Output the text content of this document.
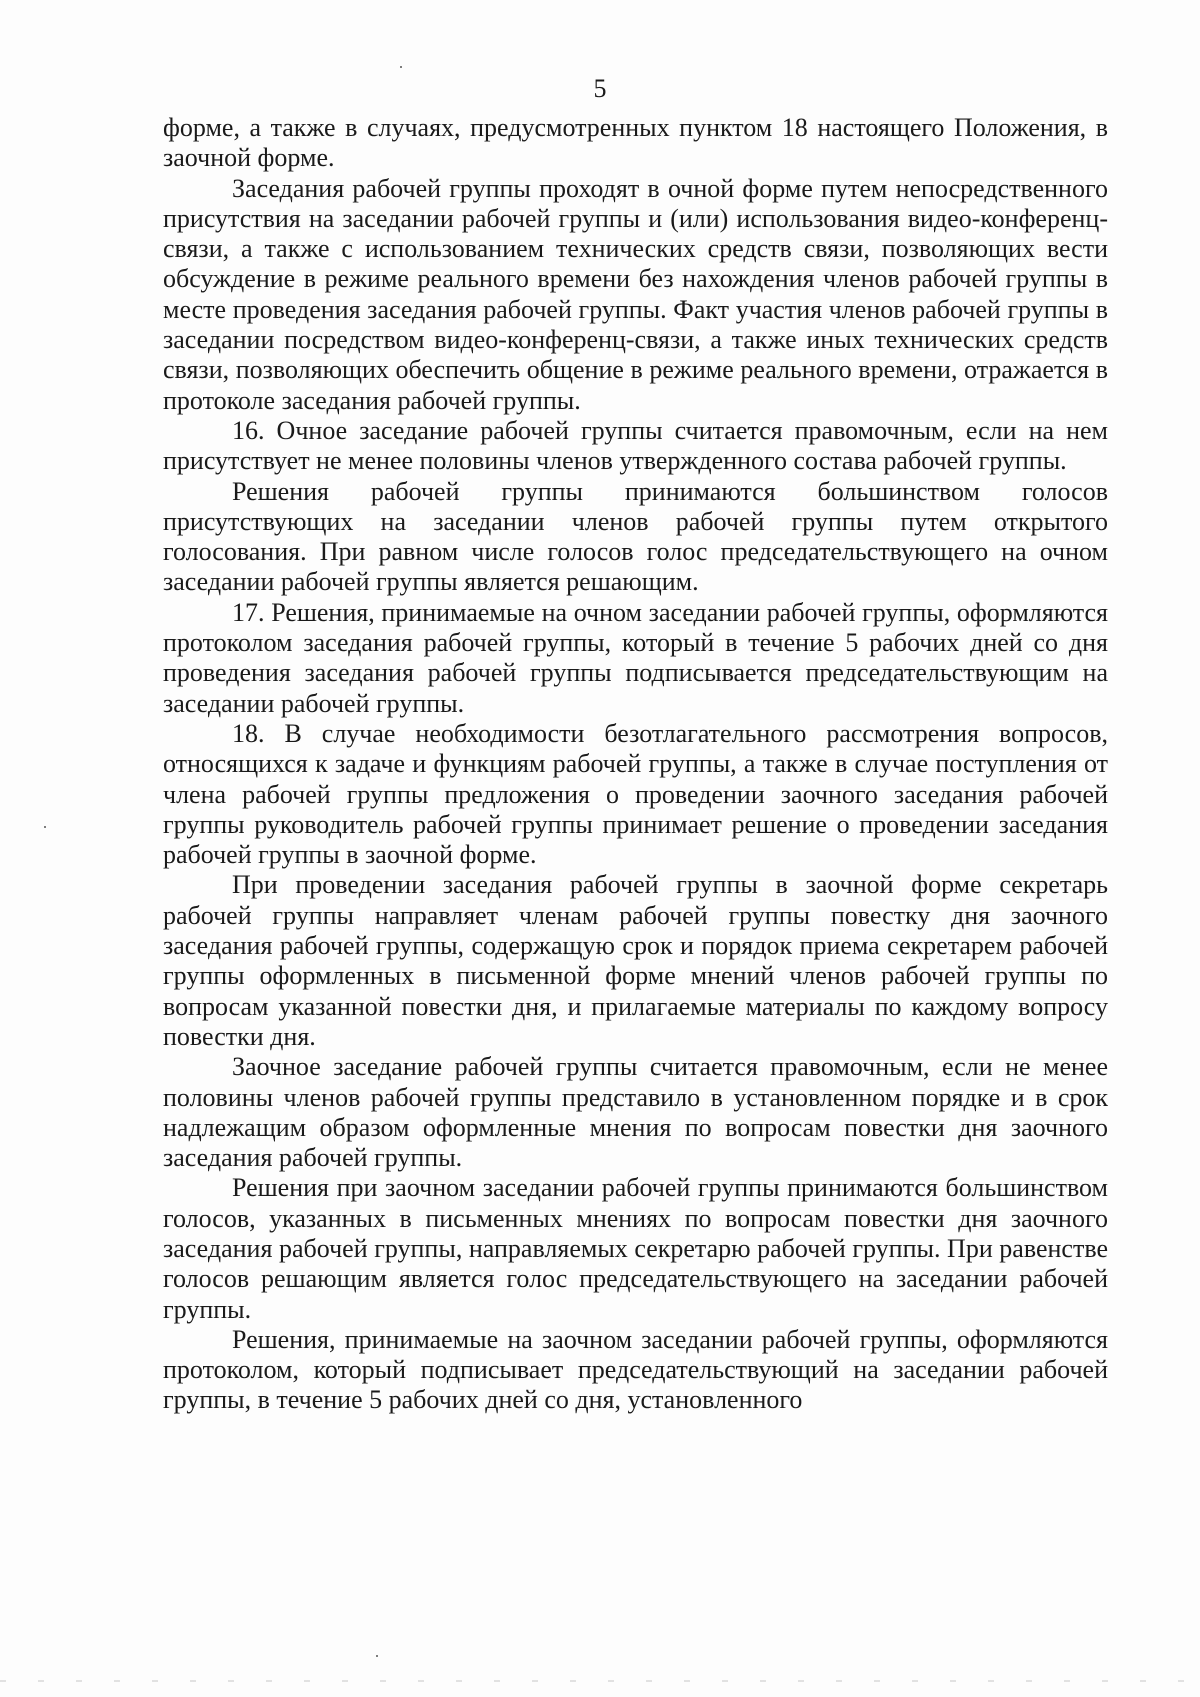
5

форме, а также в случаях, предусмотренных пунктом 18 настоящего Положения, в заочной форме.

Заседания рабочей группы проходят в очной форме путем непосредственного присутствия на заседании рабочей группы и (или) использования видео-конференц-связи, а также с использованием технических средств связи, позволяющих вести обсуждение в режиме реального времени без нахождения членов рабочей группы в месте проведения заседания рабочей группы. Факт участия членов рабочей группы в заседании посредством видео-конференц-связи, а также иных технических средств связи, позволяющих обеспечить общение в режиме реального времени, отражается в протоколе заседания рабочей группы.

16. Очное заседание рабочей группы считается правомочным, если на нем присутствует не менее половины членов утвержденного состава рабочей группы.

Решения рабочей группы принимаются большинством голосов присутствующих на заседании членов рабочей группы путем открытого голосования. При равном числе голосов голос председательствующего на очном заседании рабочей группы является решающим.

17. Решения, принимаемые на очном заседании рабочей группы, оформляются протоколом заседания рабочей группы, который в течение 5 рабочих дней со дня проведения заседания рабочей группы подписывается председательствующим на заседании рабочей группы.

18. В случае необходимости безотлагательного рассмотрения вопросов, относящихся к задаче и функциям рабочей группы, а также в случае поступления от члена рабочей группы предложения о проведении заочного заседания рабочей группы руководитель рабочей группы принимает решение о проведении заседания рабочей группы в заочной форме.

При проведении заседания рабочей группы в заочной форме секретарь рабочей группы направляет членам рабочей группы повестку дня заочного заседания рабочей группы, содержащую срок и порядок приема секретарем рабочей группы оформленных в письменной форме мнений членов рабочей группы по вопросам указанной повестки дня, и прилагаемые материалы по каждому вопросу повестки дня.

Заочное заседание рабочей группы считается правомочным, если не менее половины членов рабочей группы представило в установленном порядке и в срок надлежащим образом оформленные мнения по вопросам повестки дня заочного заседания рабочей группы.

Решения при заочном заседании рабочей группы принимаются большинством голосов, указанных в письменных мнениях по вопросам повестки дня заочного заседания рабочей группы, направляемых секретарю рабочей группы. При равенстве голосов решающим является голос председательствующего на заседании рабочей группы.

Решения, принимаемые на заочном заседании рабочей группы, оформляются протоколом, который подписывает председательствующий на заседании рабочей группы, в течение 5 рабочих дней со дня, установленного
